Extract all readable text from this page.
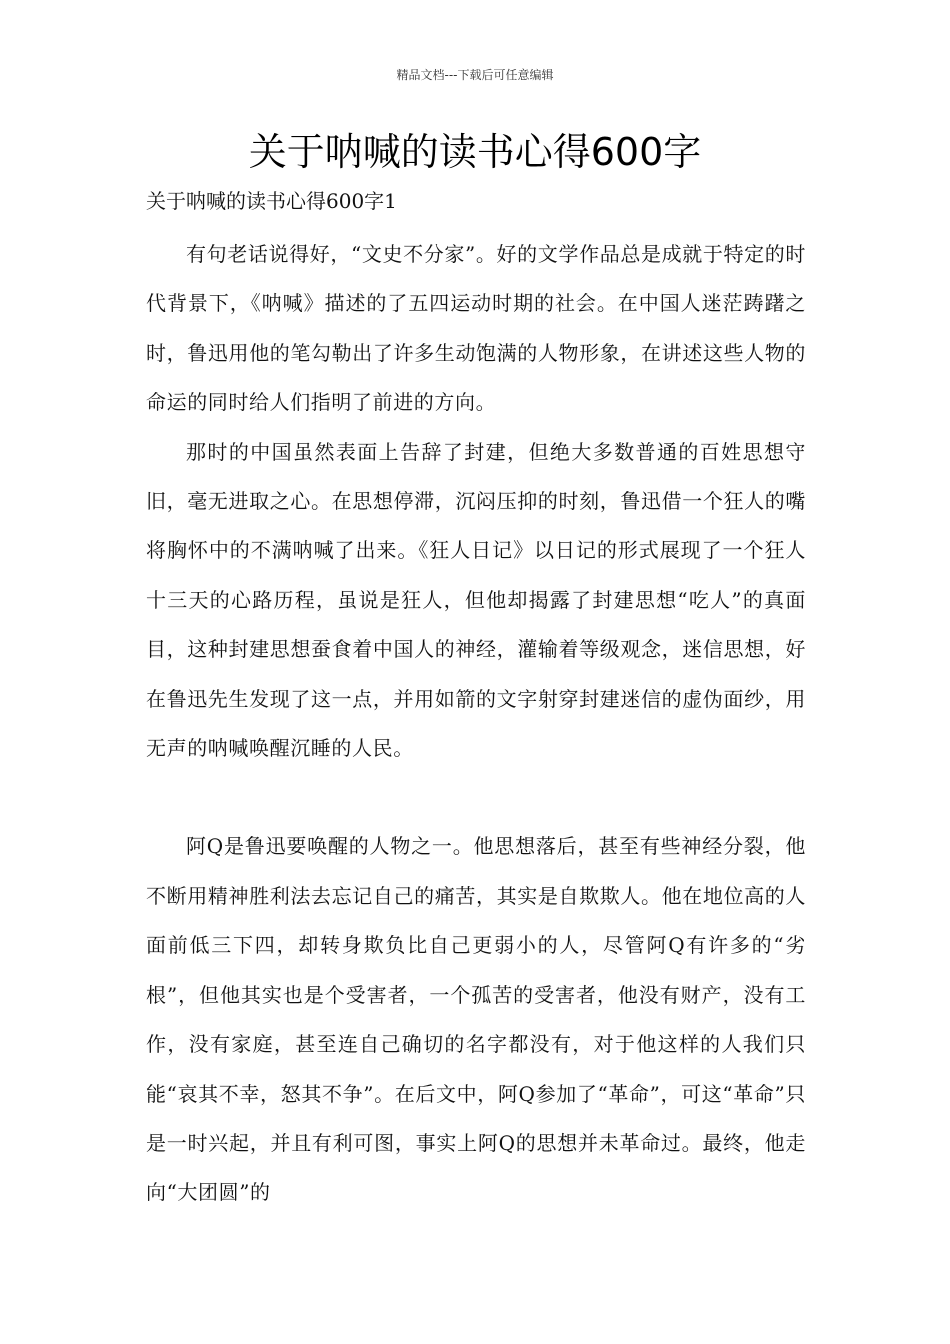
精品文档---下载后可任意编辑
关于呐喊的读书心得600字

关于呐喊的读书心得600字1

有句老话说得好，“文史不分家”。好的文学作品总是成就于特定的时代背景下，《呐喊》描述的了五四运动时期的社会。在中国人迷茫踌躇之时，鲁迅用他的笔勾勒出了许多生动饱满的人物形象，在讲述这些人物的命运的同时给人们指明了前进的方向。

那时的中国虽然表面上告辞了封建，但绝大多数普通的百姓思想守旧，毫无进取之心。在思想停滞，沉闷压抑的时刻，鲁迅借一个狂人的嘴将胸怀中的不满呐喊了出来。《狂人日记》以日记的形式展现了一个狂人十三天的心路历程，虽说是狂人，但他却揭露了封建思想“吃人”的真面目，这种封建思想蚕食着中国人的神经，灌输着等级观念，迷信思想，好在鲁迅先生发现了这一点，并用如箭的文字射穿封建迷信的虚伪面纱，用无声的呐喊唤醒沉睡的人民。

阿Q是鲁迅要唤醒的人物之一。他思想落后，甚至有些神经分裂，他不断用精神胜利法去忘记自己的痛苦，其实是自欺欺人。他在地位高的人面前低三下四，却转身欺负比自己更弱小的人，尽管阿Q有许多的“劣根”，但他其实也是个受害者，一个孤苦的受害者，他没有财产，没有工作，没有家庭，甚至连自己确切的名字都没有，对于他这样的人我们只能“哀其不幸，怒其不争”。在后文中，阿Q参加了“革命”，可这“革命”只是一时兴起，并且有利可图，事实上阿Q的思想并未革命过。最终，他走向“大团圆”的
